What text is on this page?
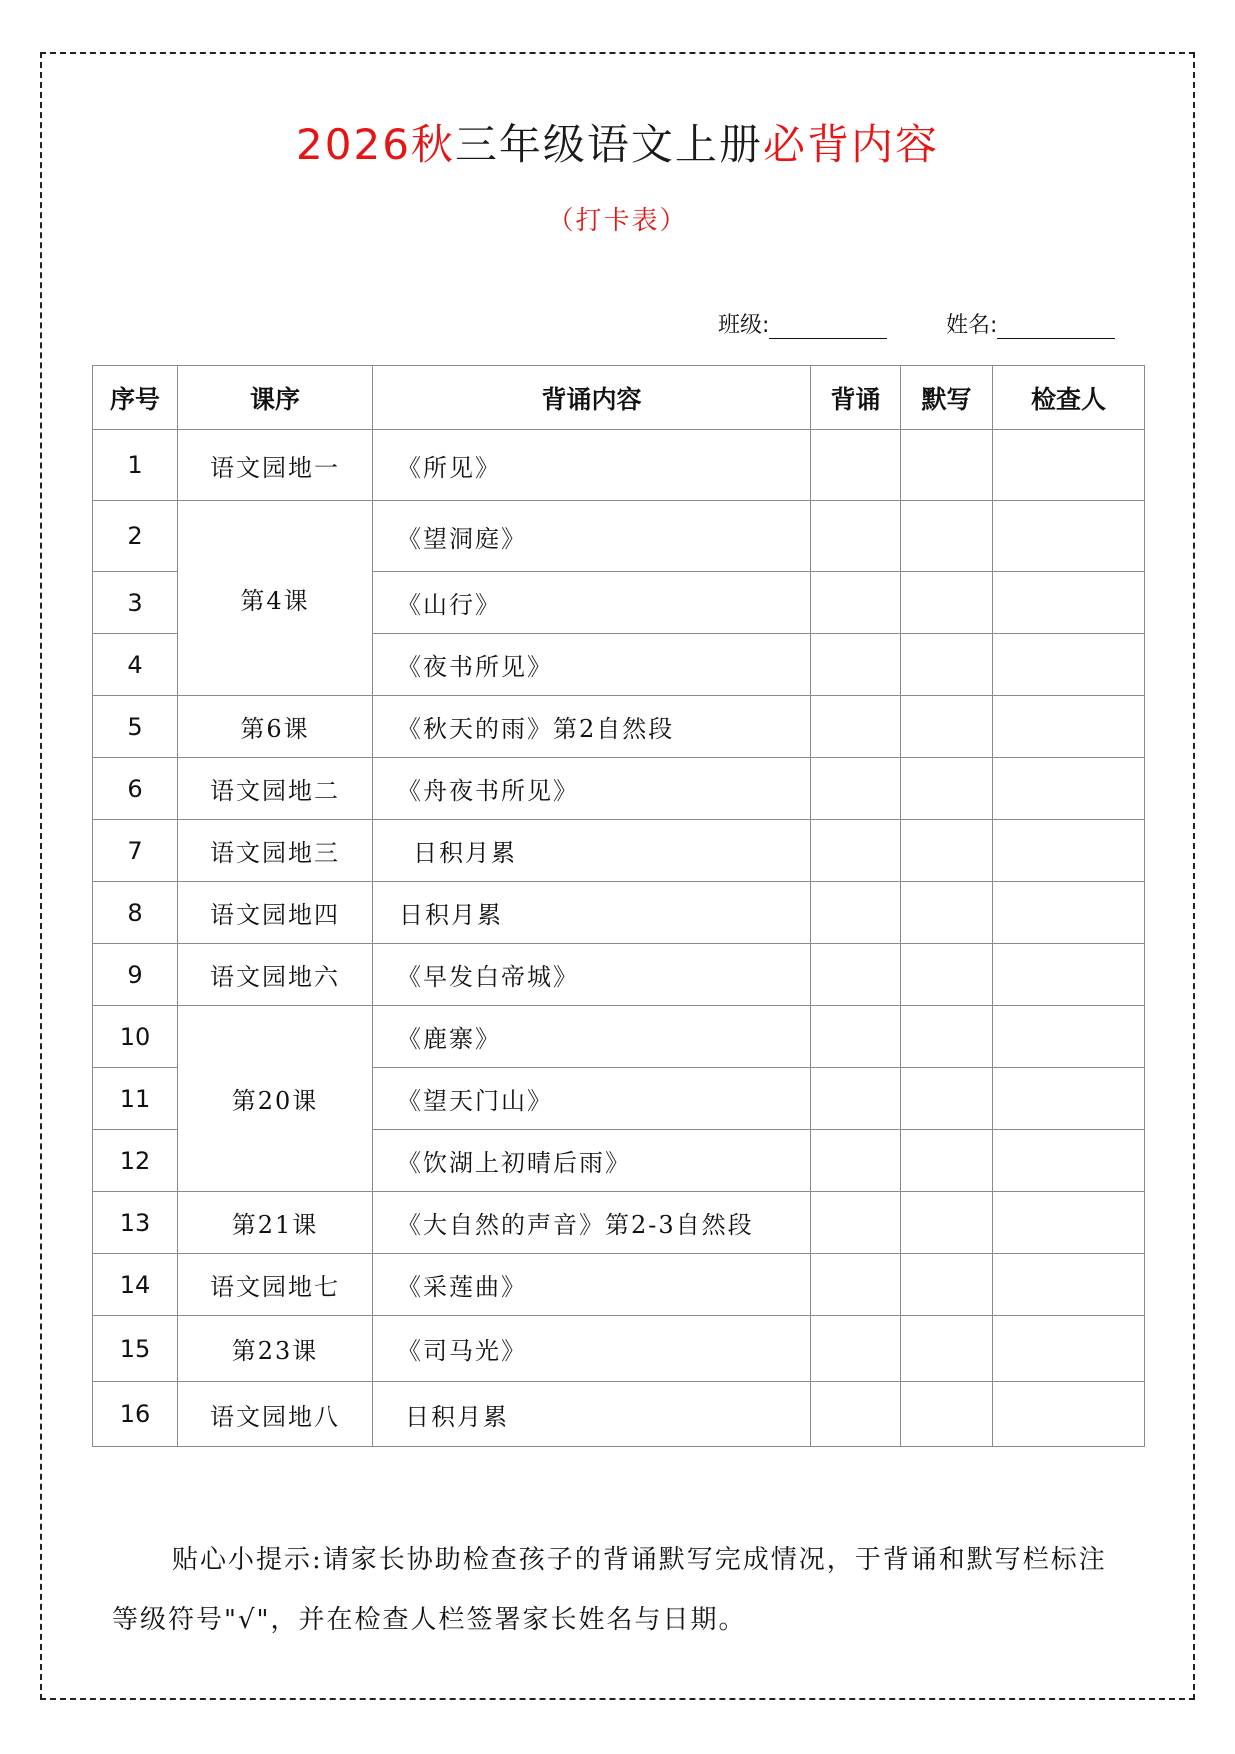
2026秋三年级语文上册必背内容
（打卡表）
班级:	姓名:
序号	课序	背诵内容	背诵	默写	检查人
1	语文园地一	《所见》			
2	第4课	《望洞庭》			
3		《山行》			
4		《夜书所见》			
5	第6课	《秋天的雨》第2自然段			
6	语文园地二	《舟夜书所见》			
7	语文园地三	日积月累			
8	语文园地四	日积月累			
9	语文园地六	《早发白帝城》			
10	第20课	《鹿寨》			
11		《望天门山》			
12		《饮湖上初晴后雨》			
13	第21课	《大自然的声音》第2-3自然段			
14	语文园地七	《采莲曲》			
15	第23课	《司马光》			
16	语文园地八	日积月累			
贴心小提示:请家长协助检查孩子的背诵默写完成情况，于背诵和默写栏标注等级符号"√"，并在检查人栏签署家长姓名与日期。
